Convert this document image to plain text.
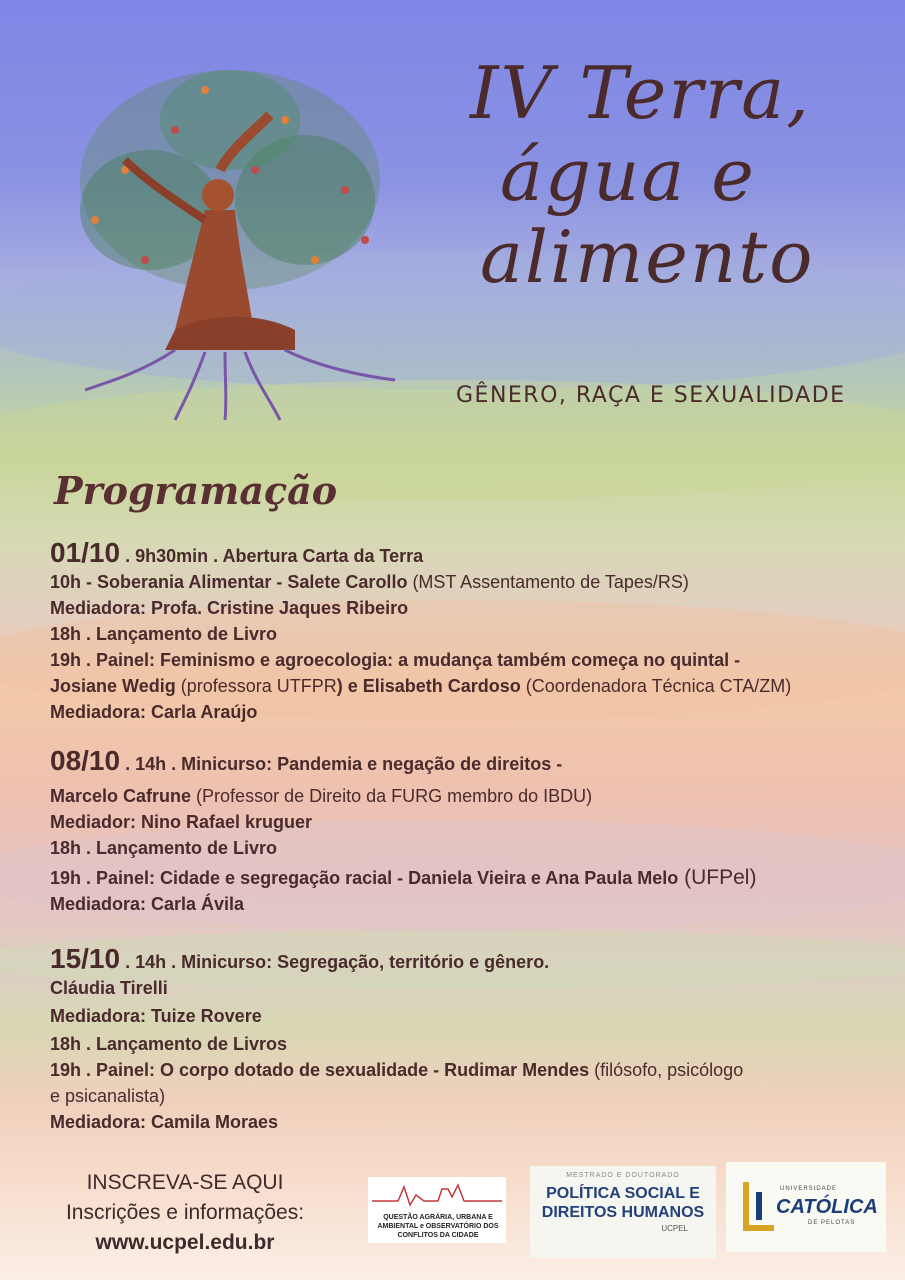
IV Terra,
água e
alimento
GÊNERO, RAÇA E SEXUALIDADE
Programação
01/10 . 9h30min . Abertura Carta da Terra
10h - Soberania Alimentar - Salete Carollo (MST Assentamento de Tapes/RS)
Mediadora: Profa. Cristine Jaques Ribeiro
18h . Lançamento de Livro
19h . Painel: Feminismo e agroecologia: a mudança também começa no quintal -
Josiane Wedig (professora UTFPR) e Elisabeth Cardoso (Coordenadora Técnica CTA/ZM)
Mediadora: Carla Araújo
08/10 . 14h . Minicurso: Pandemia e negação de direitos -
Marcelo Cafrune (Professor de Direito da FURG membro do IBDU)
Mediador: Nino Rafael kruguer
18h . Lançamento de Livro
19h . Painel: Cidade e segregação racial - Daniela Vieira e Ana Paula Melo (UFPel)
Mediadora: Carla Ávila
15/10 . 14h . Minicurso: Segregação, território e gênero.
Cláudia Tirelli
Mediadora: Tuize Rovere
18h . Lançamento de Livros
19h . Painel: O corpo dotado de sexualidade - Rudimar Mendes (filósofo, psicólogo
e psicanalista)
Mediadora: Camila Moraes
INSCREVA-SE AQUI
Inscrições e informações:
www.ucpel.edu.br
QUESTÃO AGRÁRIA, URBANA E AMBIENTAL e OBSERVATÓRIO DOS CONFLITOS DA CIDADE
MESTRADO E DOUTORADO
POLÍTICA SOCIAL E
DIREITOS HUMANOS
UCPEL
UNIVERSIDADE
CATÓLICA
DE PELOTAS
